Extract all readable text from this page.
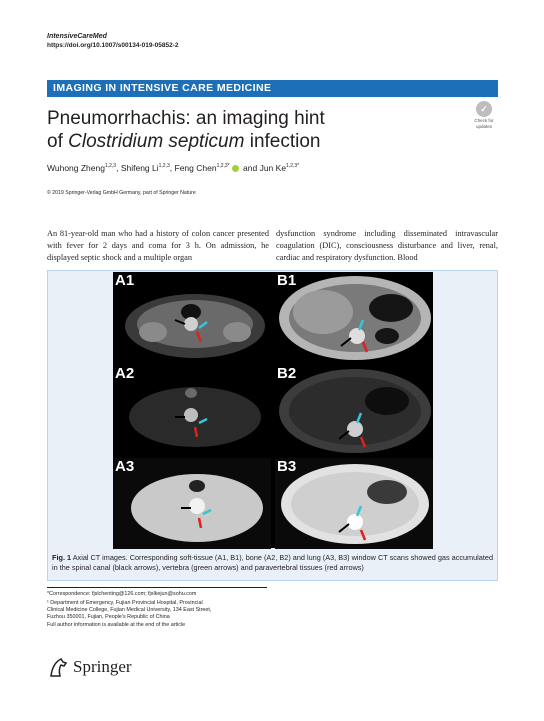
IntensiveCareMed
https://doi.org/10.1007/s00134-019-05852-2
IMAGING IN INTENSIVE CARE MEDICINE
✓
Check for
updates
Pneumorrhachis: an imaging hint
of Clostridium septicum infection
Wuhong Zheng$^{1,2,3}$, Shifeng Li$^{1,2,3}$, Feng Chen$^{1,2,3*}$ and Jun $Ke^{1,2,3*}$
© 2019 Springer-Verlag GmbH Germany, part of Springer Nature
An 81-year-old man who had a history of colon cancer presented with fever for 2 days and coma for 3 h. On admission, he displayed septic shock and a multiple organ
dysfunction syndrome including disseminated intravascular coagulation (DIC), consciousness disturbance and liver, renal, cardiac and respiratory dysfunction. Blood
A1	B1
A2	B2
A3	B3
Fig. 1 Axial CT images. Corresponding soft-tissue (A1, B1), bone (A2, B2) and lung (A3, B3) window CT scans showed gas accumulated in the spinal canal (black arrows), vertebra (green arrows) and paravertebral tissues (red arrows)
*Correspondence: fjslchenting@126.com; fjslkejun@sohu.com
¹ Department of Emergency, Fujian Provincial Hospital, Provincial
Clinical Medicine College, Fujian Medical University, 134 East Street,
Fuzhou 350001, Fujian, People's Republic of China
Full author information is available at the end of the article
Springer
